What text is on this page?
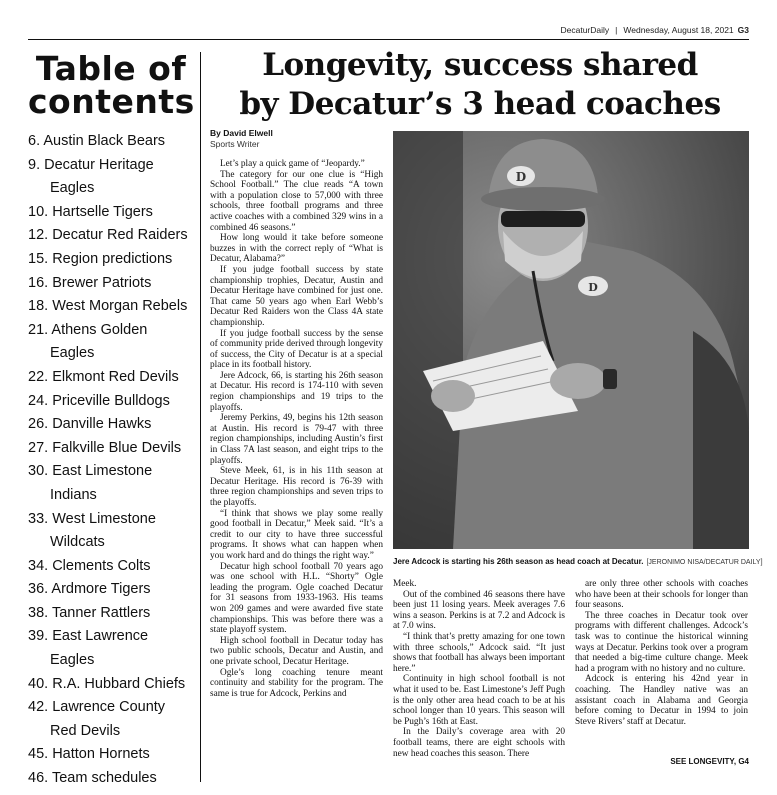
DecaturDaily | Wednesday, August 18, 2021 G3
Table of
contents
6. Austin Black Bears
9. Decatur Heritage Eagles
10. Hartselle Tigers
12. Decatur Red Raiders
15. Region predictions
16. Brewer Patriots
18. West Morgan Rebels
21. Athens Golden Eagles
22. Elkmont Red Devils
24. Priceville Bulldogs
26. Danville Hawks
27. Falkville Blue Devils
30. East Limestone Indians
33. West Limestone Wildcats
34. Clements Colts
36. Ardmore Tigers
38. Tanner Rattlers
39. East Lawrence Eagles
40. R.A. Hubbard Chiefs
42. Lawrence County Red Devils
45. Hatton Hornets
46. Team schedules
Longevity, success shared
by Decatur’s 3 head coaches
By David Elwell
Sports Writer

Let’s play a quick game of “Jeopardy.”

The category for our one clue is “High School Football.” The clue reads “A town with a population close to 57,000 with three schools, three football programs and three active coaches with a combined 329 wins in a combined 46 seasons.”

How long would it take before someone buzzes in with the correct reply of “What is Decatur, Alabama?”

If you judge football success by state championship trophies, Decatur, Austin and Decatur Heritage have combined for just one. That came 50 years ago when Earl Webb’s Decatur Red Raiders won the Class 4A state championship.

If you judge football success by the sense of community pride derived through longevity of success, the City of Decatur is at a special place in its football history.

Jere Adcock, 66, is starting his 26th season at Decatur. His record is 174-110 with seven region championships and 19 trips to the playoffs.

Jeremy Perkins, 49, begins his 12th season at Austin. His record is 79-47 with three region championships, including Austin’s first in Class 7A last season, and eight trips to the playoffs.

Steve Meek, 61, is in his 11th season at Decatur Heritage. His record is 76-39 with three region championships and seven trips to the playoffs.

“I think that shows we play some really good football in Decatur,” Meek said. “It’s a credit to our city to have three successful programs. It shows what can happen when you work hard and do things the right way.”

Decatur high school football 70 years ago was one school with H.L. “Shorty” Ogle leading the program. Ogle coached Decatur for 31 seasons from 1933-1963. His teams won 209 games and were awarded five state championships. This was before there was a state playoff system.

High school football in Decatur today has two public schools, Decatur and Austin, and one private school, Decatur Heritage.

Ogle’s long coaching tenure meant continuity and stability for the program. The same is true for Adcock, Perkins and

D
D
Jere Adcock is starting his 26th season as head coach at Decatur. [JERONIMO NISA/DECATUR DAILY]

Meek.

Out of the combined 46 seasons there have been just 11 losing years. Meek averages 7.6 wins a season. Perkins is at 7.2 and Adcock is at 7.0 wins.

“I think that’s pretty amazing for one town with three schools,” Adcock said. “It just shows that football has always been important here.”

Continuity in high school football is not what it used to be. East Limestone’s Jeff Pugh is the only other area head coach to be at his school longer than 10 years. This season will be Pugh’s 16th at East.

In the Daily’s coverage area with 20 football teams, there are eight schools with new head coaches this season. There

are only three other schools with coaches who have been at their schools for longer than four seasons.

The three coaches in Decatur took over programs with different challenges. Adcock’s task was to continue the historical winning ways at Decatur. Perkins took over a program that needed a big-time culture change. Meek had a program with no history and no culture.

Adcock is entering his 42nd year in coaching. The Handley native was an assistant coach in Alabama and Georgia before coming to Decatur in 1994 to join Steve Rivers’ staff at Decatur.

SEE LONGEVITY, G4
